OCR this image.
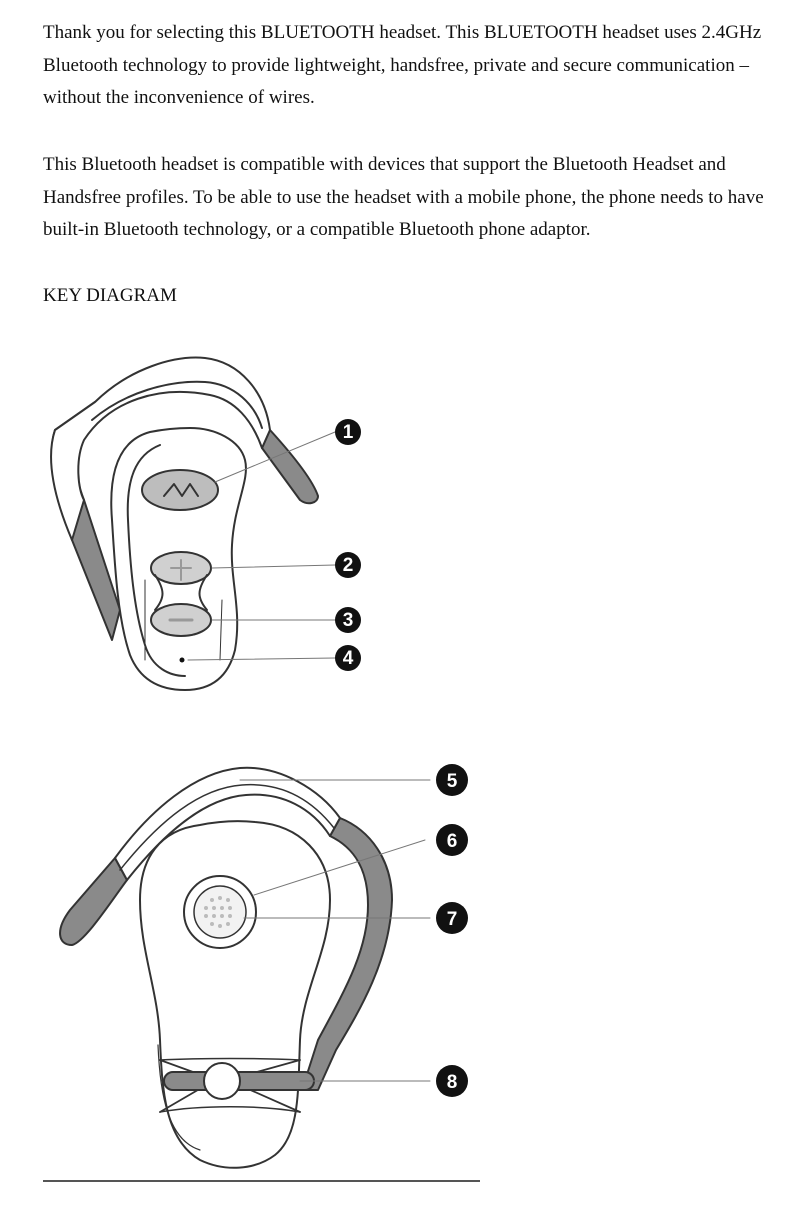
Thank you for selecting this BLUETOOTH headset. This BLUETOOTH headset uses 2.4GHz Bluetooth technology to provide lightweight, handsfree, private and secure communication – without the inconvenience of wires.

This Bluetooth headset is compatible with devices that support the Bluetooth Headset and Handsfree profiles. To be able to use the headset with a mobile phone, the phone needs to have built-in Bluetooth technology, or a compatible Bluetooth phone adaptor.

KEY DIAGRAM
1
2
3
4
5
6
7
8
